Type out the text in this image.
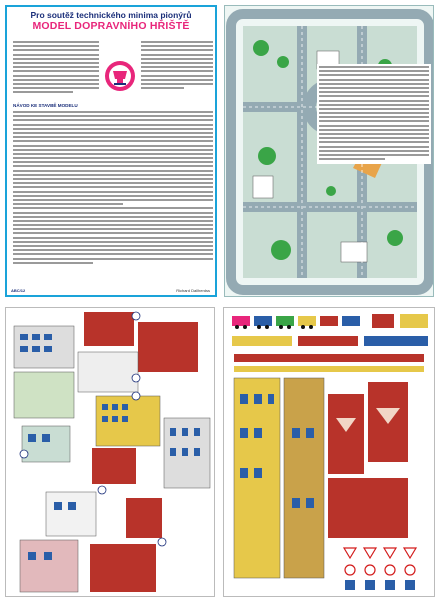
Pro soutěž technického minima pionýrů
MODEL DOPRAVNÍHO HŘIŠTĚ
NÁVOD KE STAVBĚ MODELU
ABC/12	Richard Dallherdss
